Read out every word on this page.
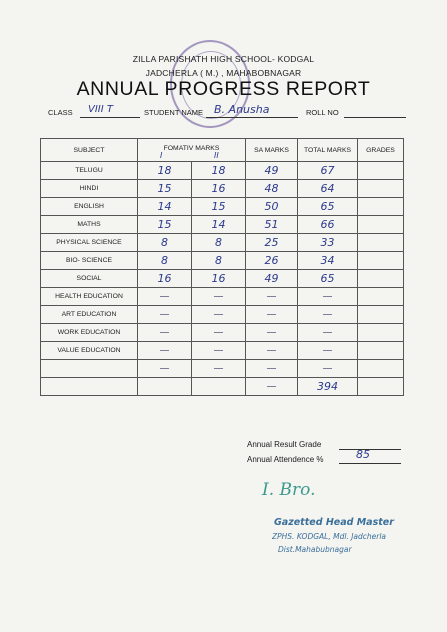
ZILLA PARISHATH HIGH SCHOOL- KODGAL
JADCHERLA ( M.) , MAHABOBNAGAR
ANNUAL PROGRESS REPORT
CLASS VIII T	STUDENT NAME B. Anusha	ROLL NO
SUBJECT	FOMATIV MARKS
I II		SA MARKS	TOTAL MARKS	GRADES
TELUGU	18	18	49	67	
HINDI	15	16	48	64	
ENGLISH	14	15	50	65	
MATHS	15	14	51	66	
PHYSICAL SCIENCE	8	8	25	33	
BIO- SCIENCE	8	8	26	34	
SOCIAL	16	16	49	65	
HEALTH EDUCATION	—	—	—	—	
ART EDUCATION	—	—	—	—	
WORK EDUCATION	—	—	—	—	
VALUE EDUCATION	—	—	—	—	
	—	—	—	—	
			—	394	
Annual Result Grade
Annual Attendence %	85
I. Bro.
Gazetted Head Master
ZPHS. KODGAL, Mdl. Jadcherla
Dist.Mahabubnagar
